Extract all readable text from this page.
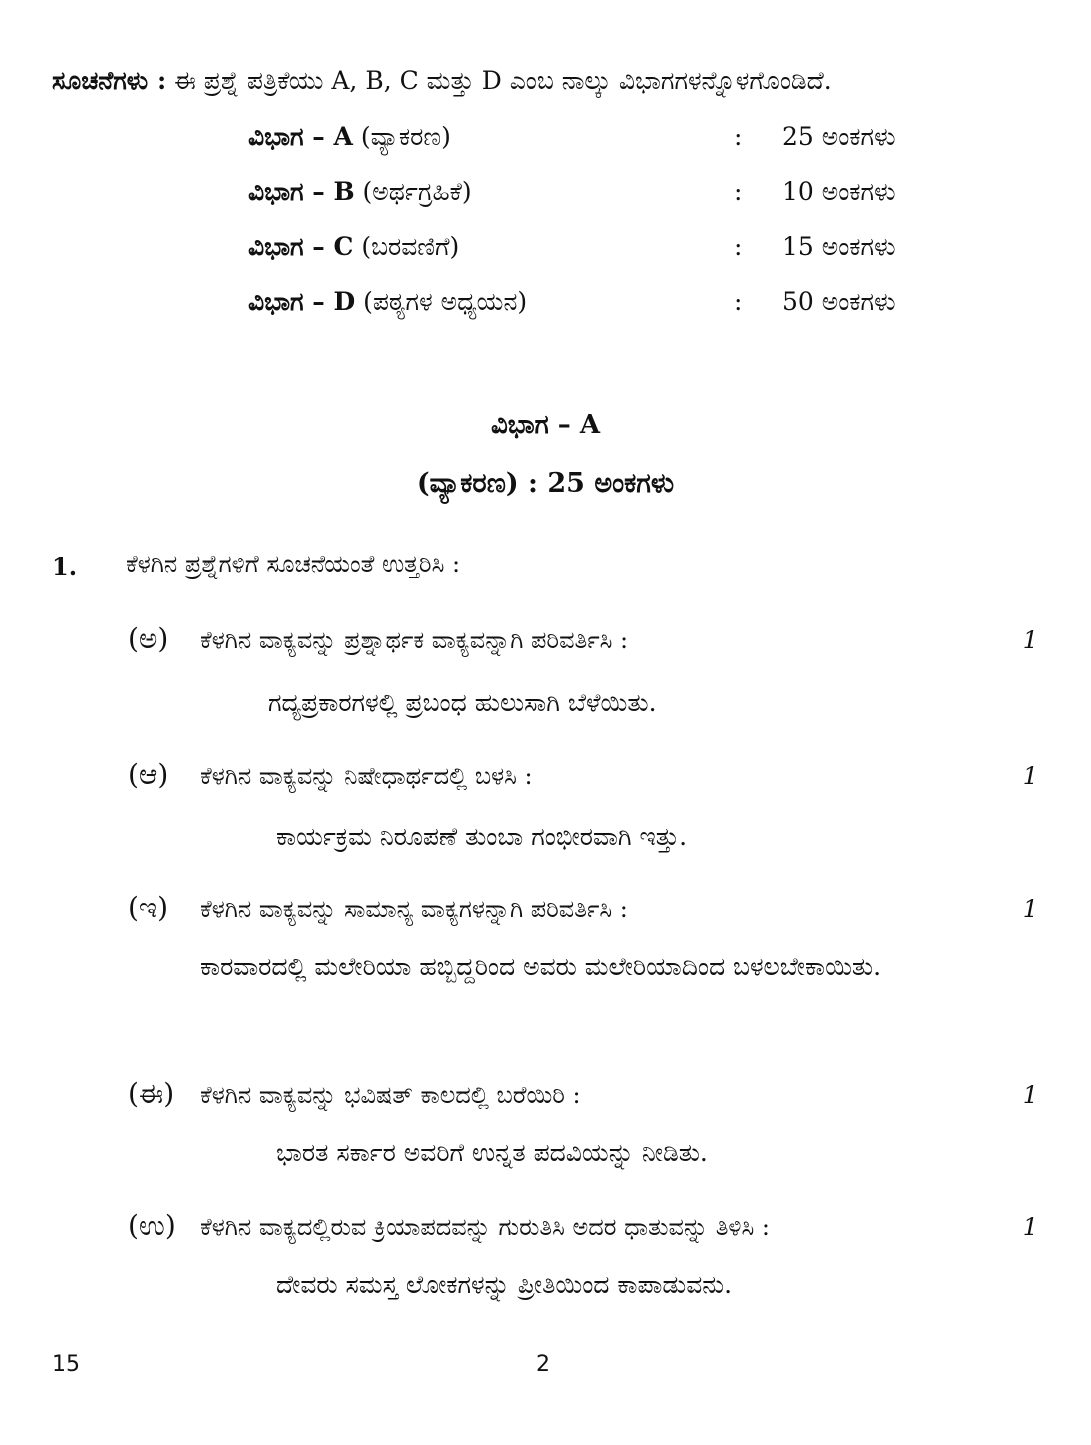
ಸೂಚನೆಗಳು : ಈ ಪ್ರಶ್ನೆ ಪತ್ರಿಕೆಯು A, B, C ಮತ್ತು D ಎಂಬ ನಾಲ್ಕು ವಿಭಾಗಗಳನ್ನೊಳಗೊಂಡಿದೆ.
ವಿಭಾಗ – A (ವ್ಯಾಕರಣ)	: 25 ಅಂಕಗಳು
ವಿಭಾಗ – B (ಅರ್ಥಗ್ರಹಿಕೆ)	: 10 ಅಂಕಗಳು
ವಿಭಾಗ – C (ಬರವಣಿಗೆ)	: 15 ಅಂಕಗಳು
ವಿಭಾಗ – D (ಪಠ್ಯಗಳ ಅಧ್ಯಯನ)	: 50 ಅಂಕಗಳು
ವಿಭಾಗ – A
(ವ್ಯಾಕರಣ) : 25 ಅಂಕಗಳು
1. ಕೆಳಗಿನ ಪ್ರಶ್ನೆಗಳಿಗೆ ಸೂಚನೆಯಂತೆ ಉತ್ತರಿಸಿ :
(ಅ) ಕೆಳಗಿನ ವಾಕ್ಯವನ್ನು ಪ್ರಶ್ನಾರ್ಥಕ ವಾಕ್ಯವನ್ನಾಗಿ ಪರಿವರ್ತಿಸಿ :	1
ಗದ್ಯಪ್ರಕಾರಗಳಲ್ಲಿ ಪ್ರಬಂಧ ಹುಲುಸಾಗಿ ಬೆಳೆಯಿತು.
(ಆ) ಕೆಳಗಿನ ವಾಕ್ಯವನ್ನು ನಿಷೇಧಾರ್ಥದಲ್ಲಿ ಬಳಸಿ :	1
ಕಾರ್ಯಕ್ರಮ ನಿರೂಪಣೆ ತುಂಬಾ ಗಂಭೀರವಾಗಿ ಇತ್ತು.
(ಇ) ಕೆಳಗಿನ ವಾಕ್ಯವನ್ನು ಸಾಮಾನ್ಯ ವಾಕ್ಯಗಳನ್ನಾಗಿ ಪರಿವರ್ತಿಸಿ :	1
ಕಾರವಾರದಲ್ಲಿ ಮಲೇರಿಯಾ ಹಬ್ಬಿದ್ದರಿಂದ ಅವರು ಮಲೇರಿಯಾದಿಂದ ಬಳಲಬೇಕಾಯಿತು.
(ಈ) ಕೆಳಗಿನ ವಾಕ್ಯವನ್ನು ಭವಿಷತ್ ಕಾಲದಲ್ಲಿ ಬರೆಯಿರಿ :	1
ಭಾರತ ಸರ್ಕಾರ ಅವರಿಗೆ ಉನ್ನತ ಪದವಿಯನ್ನು ನೀಡಿತು.
(ಉ) ಕೆಳಗಿನ ವಾಕ್ಯದಲ್ಲಿರುವ ಕ್ರಿಯಾಪದವನ್ನು ಗುರುತಿಸಿ ಅದರ ಧಾತುವನ್ನು ತಿಳಿಸಿ :	1
ದೇವರು ಸಮಸ್ತ ಲೋಕಗಳನ್ನು ಪ್ರೀತಿಯಿಂದ ಕಾಪಾಡುವನು.
15	2
